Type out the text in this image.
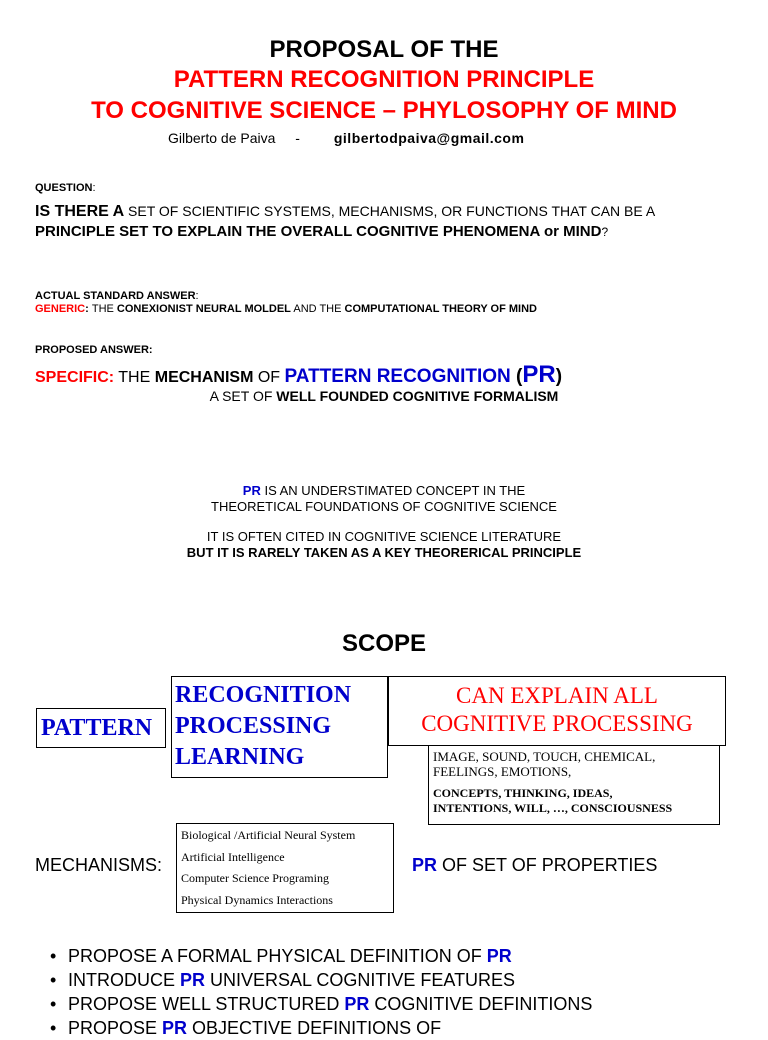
PROPOSAL OF THE
PATTERN RECOGNITION PRINCIPLE
TO COGNITIVE SCIENCE – PHYLOSOPHY OF MIND
Gilberto de Paiva - gilbertodpaiva@gmail.com
QUESTION:
IS THERE A SET OF SCIENTIFIC SYSTEMS, MECHANISMS, OR FUNCTIONS THAT CAN BE A
PRINCIPLE SET TO EXPLAIN THE OVERALL COGNITIVE PHENOMENA or MIND?
ACTUAL STANDARD ANSWER:
GENERIC: THE CONEXIONIST NEURAL MOLDEL AND THE COMPUTATIONAL THEORY OF MIND
PROPOSED ANSWER:
SPECIFIC: THE MECHANISM OF PATTERN RECOGNITION (PR)
A SET OF WELL FOUNDED COGNITIVE FORMALISM
PR IS AN UNDERSTIMATED CONCEPT IN THE
THEORETICAL FOUNDATIONS OF COGNITIVE SCIENCE
IT IS OFTEN CITED IN COGNITIVE SCIENCE LITERATURE
BUT IT IS RARELY TAKEN AS A KEY THEORERICAL PRINCIPLE
SCOPE
PATTERN
RECOGNITION
PROCESSING
LEARNING
CAN EXPLAIN ALL
COGNITIVE PROCESSING
IMAGE, SOUND, TOUCH, CHEMICAL,
FEELINGS, EMOTIONS,
CONCEPTS, THINKING, IDEAS,
INTENTIONS, WILL, …, CONSCIOUSNESS
MECHANISMS:
Biological /Artificial Neural System
Artificial Intelligence
Computer Science Programing
Physical Dynamics Interactions
PR OF SET OF PROPERTIES
• PROPOSE A FORMAL PHYSICAL DEFINITION OF PR
• INTRODUCE PR UNIVERSAL COGNITIVE FEATURES
• PROPOSE WELL STRUCTURED PR COGNITIVE DEFINITIONS
• PROPOSE PR OBJECTIVE DEFINITIONS OF
